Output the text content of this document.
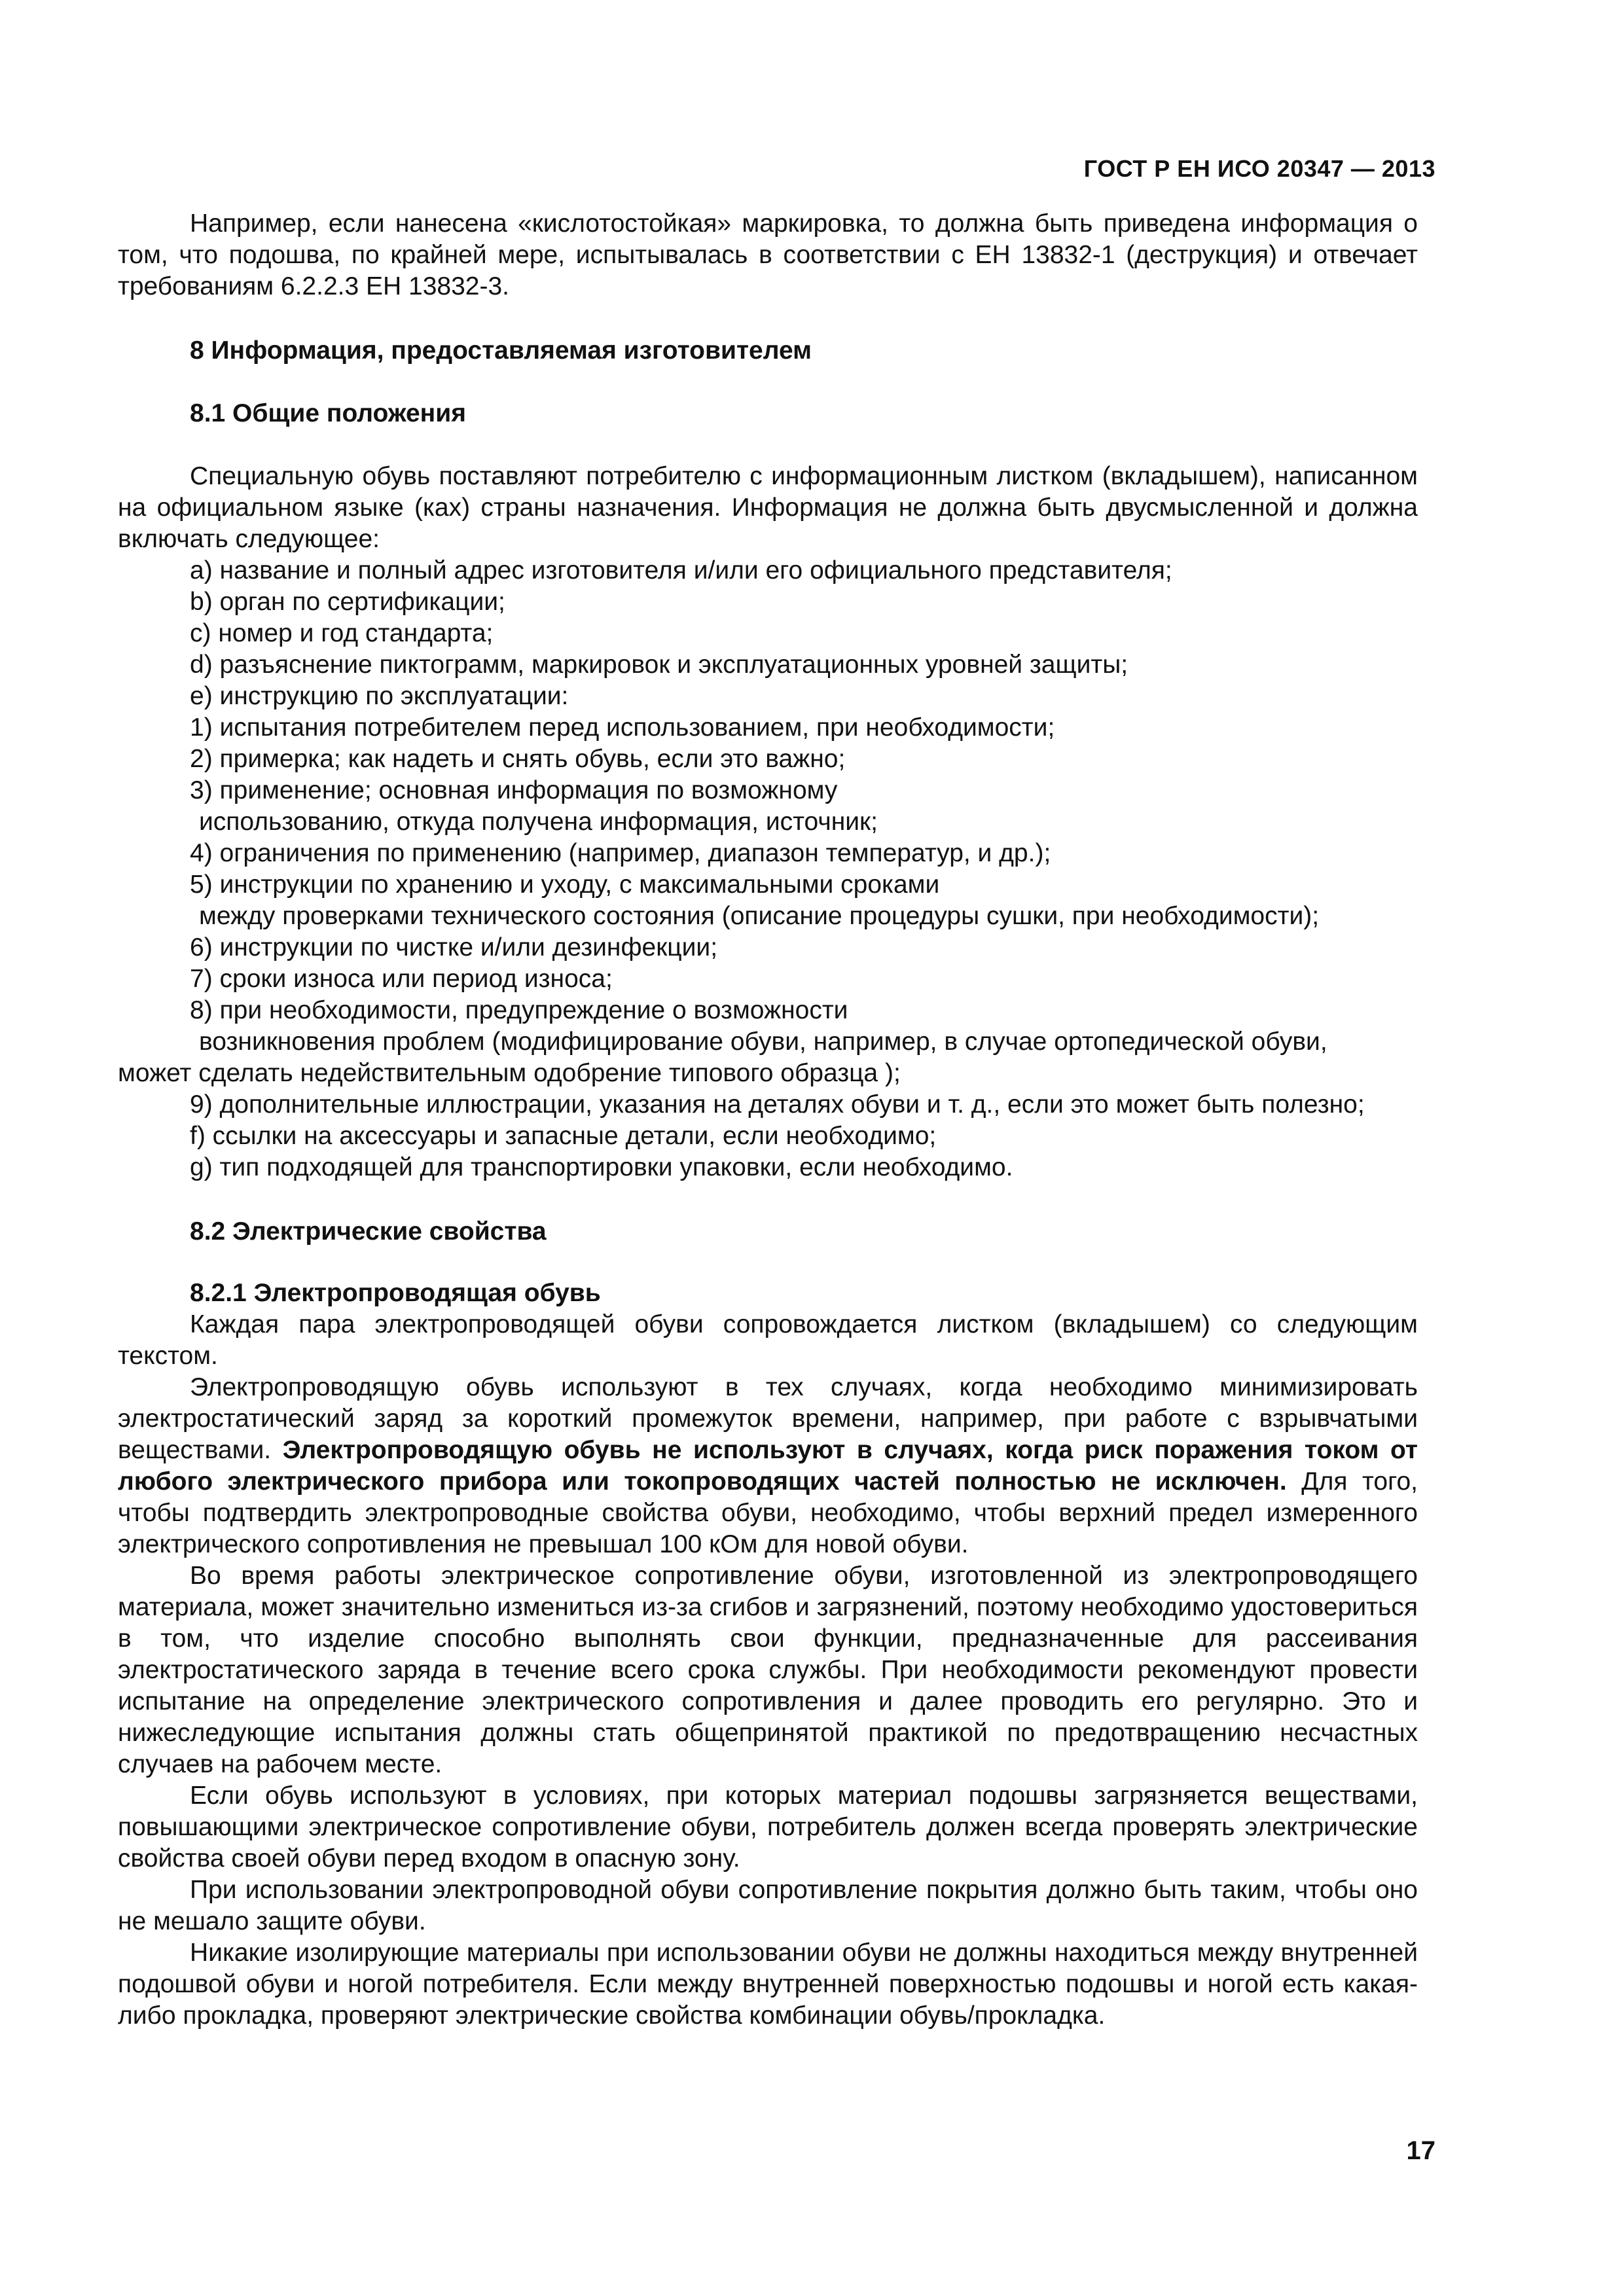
ГОСТ Р ЕН ИСО 20347 — 2013

Например, если нанесена «кислотостойкая» маркировка, то должна быть приведена информация о том, что подошва, по крайней мере, испытывалась в соответствии с ЕН 13832-1 (деструкция) и отвечает требованиям 6.2.2.3 ЕН 13832-3.

8 Информация, предоставляемая изготовителем

8.1 Общие положения

Специальную обувь поставляют потребителю с информационным листком (вкладышем), написанном на официальном языке (ках) страны назначения. Информация не должна быть двусмысленной и должна включать следующее:

a) название и полный адрес изготовителя и/или его официального представителя;

b) орган по сертификации;

c) номер и год стандарта;

d) разъяснение пиктограмм, маркировок и эксплуатационных уровней защиты;

e) инструкцию по эксплуатации:

1) испытания потребителем перед использованием, при необходимости;

2) примерка; как надеть и снять обувь, если это важно;

3) применение; основная информация по возможному

использованию, откуда получена информация, источник;

4) ограничения по применению (например, диапазон температур, и др.);

5) инструкции по хранению и уходу, с максимальными сроками

между проверками технического состояния (описание процедуры сушки, при необходимости);

6) инструкции по чистке и/или дезинфекции;

7) сроки износа или период износа;

8) при необходимости, предупреждение о возможности

возникновения проблем (модифицирование обуви, например, в случае ортопедической обуви,

может сделать недействительным одобрение типового образца );

9) дополнительные иллюстрации, указания на деталях обуви и т. д., если это может быть полезно;

f) ссылки на аксессуары и запасные детали, если необходимо;

g) тип подходящей для транспортировки упаковки, если необходимо.

8.2 Электрические свойства

8.2.1 Электропроводящая обувь

Каждая пара электропроводящей обуви сопровождается листком (вкладышем) со следующим текстом.

Электропроводящую обувь используют в тех случаях, когда необходимо минимизировать электростатический заряд за короткий промежуток времени, например, при работе с взрывчатыми веществами. Электропроводящую обувь не используют в случаях, когда риск поражения током от любого электрического прибора или токопроводящих частей полностью не исключен. Для того, чтобы подтвердить электропроводные свойства обуви, необходимо, чтобы верхний предел измеренного электрического сопротивления не превышал 100 кОм для новой обуви.

Во время работы электрическое сопротивление обуви, изготовленной из электропроводящего материала, может значительно измениться из-за сгибов и загрязнений, поэтому необходимо удостовериться в том, что изделие способно выполнять свои функции, предназначенные для рассеивания электростатического заряда в течение всего срока службы. При необходимости рекомендуют провести испытание на определение электрического сопротивления и далее проводить его регулярно. Это и нижеследующие испытания должны стать общепринятой практикой по предотвращению несчастных случаев на рабочем месте.

Если обувь используют в условиях, при которых материал подошвы загрязняется веществами, повышающими электрическое сопротивление обуви, потребитель должен всегда проверять электрические свойства своей обуви перед входом в опасную зону.

При использовании электропроводной обуви сопротивление покрытия должно быть таким, чтобы оно не мешало защите обуви.

Никакие изолирующие материалы при использовании обуви не должны находиться между внутренней подошвой обуви и ногой потребителя. Если между внутренней поверхностью подошвы и ногой есть какая-либо прокладка, проверяют электрические свойства комбинации обувь/прокладка.

17
